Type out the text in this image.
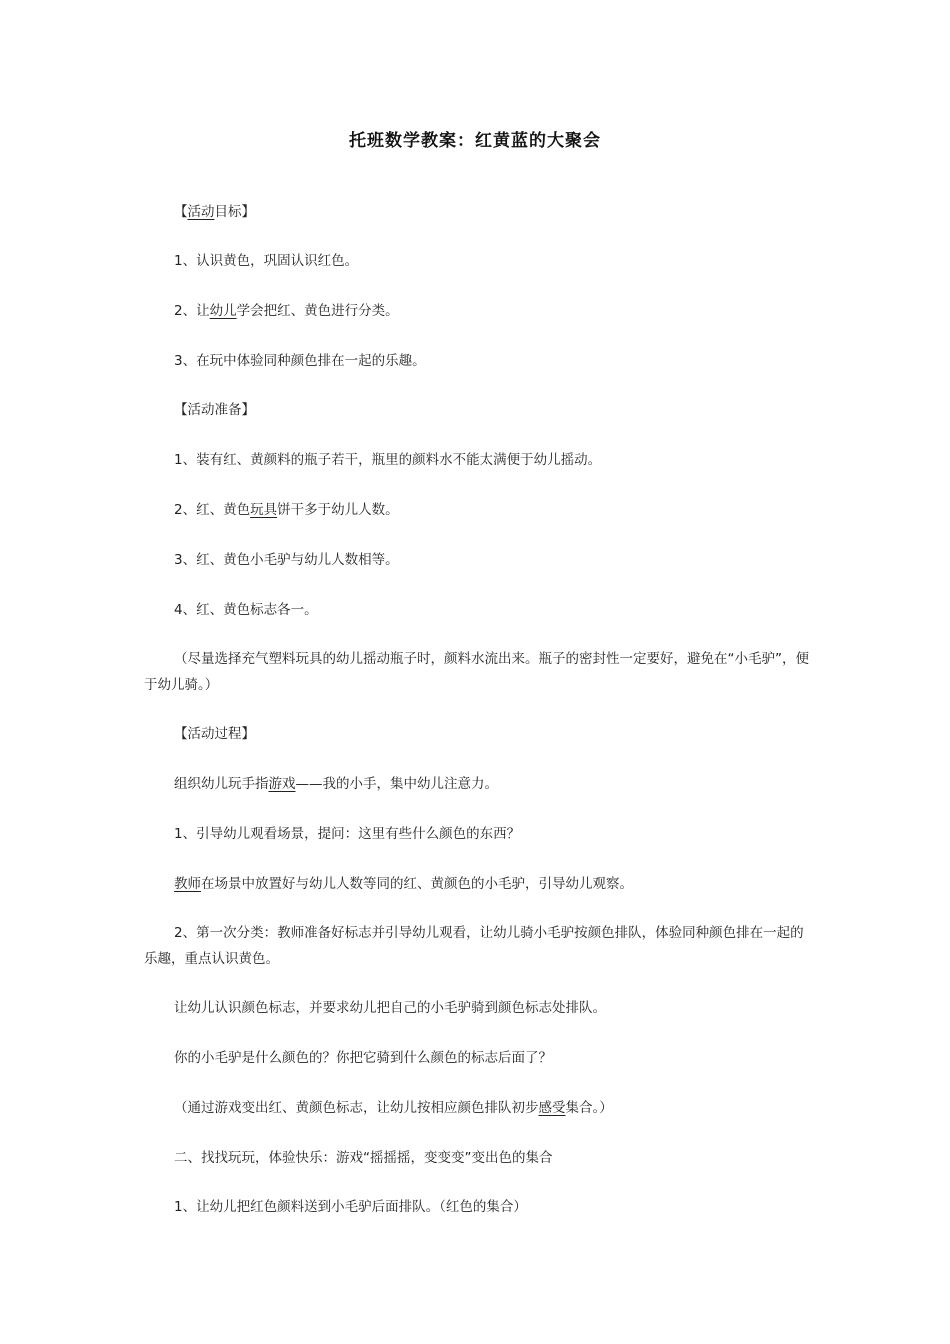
托班数学教案：红黄蓝的大聚会
【活动目标】
1、认识黄色，巩固认识红色。
2、让幼儿学会把红、黄色进行分类。
3、在玩中体验同种颜色排在一起的乐趣。
【活动准备】
1、装有红、黄颜料的瓶子若干，瓶里的颜料水不能太满便于幼儿摇动。
2、红、黄色玩具饼干多于幼儿人数。
3、红、黄色小毛驴与幼儿人数相等。
4、红、黄色标志各一。
（尽量选择充气塑料玩具的幼儿摇动瓶子时，颜料水流出来。瓶子的密封性一定要好，避免在“小毛驴”，便于幼儿骑。）
【活动过程】
组织幼儿玩手指游戏——我的小手，集中幼儿注意力。
1、引导幼儿观看场景，提问：这里有些什么颜色的东西？
教师在场景中放置好与幼儿人数等同的红、黄颜色的小毛驴，引导幼儿观察。
2、第一次分类：教师准备好标志并引导幼儿观看，让幼儿骑小毛驴按颜色排队，体验同种颜色排在一起的乐趣，重点认识黄色。
让幼儿认识颜色标志，并要求幼儿把自己的小毛驴骑到颜色标志处排队。
你的小毛驴是什么颜色的？你把它骑到什么颜色的标志后面了？
（通过游戏变出红、黄颜色标志，让幼儿按相应颜色排队初步感受集合。）
二、找找玩玩，体验快乐：游戏“摇摇摇，变变变”变出色的集合
1、让幼儿把红色颜料送到小毛驴后面排队。（红色的集合）
